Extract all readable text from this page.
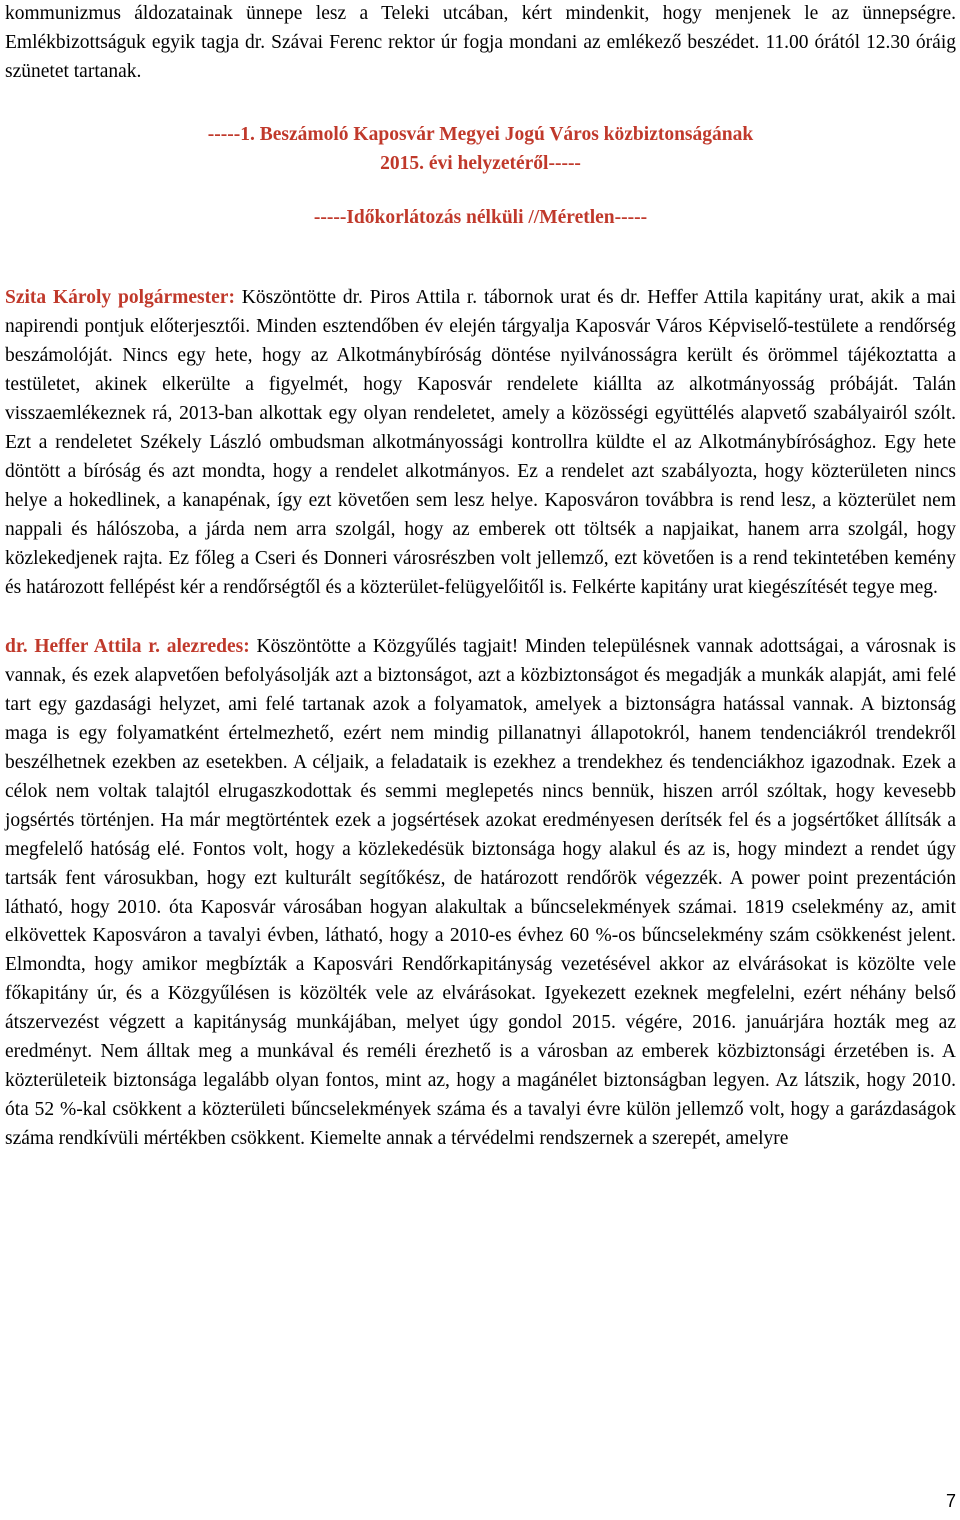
kommunizmus áldozatainak ünnepe lesz a Teleki utcában, kért mindenkit, hogy menjenek le az ünnepségre. Emlékbizottságuk egyik tagja dr. Szávai Ferenc rektor úr fogja mondani az emlékező beszédet. 11.00 órától 12.30 óráig szünetet tartanak.

-----1. Beszámoló Kaposvár Megyei Jogú Város közbiztonságának
2015. évi helyzetéről-----
-----Időkorlátozás nélküli //Méretlen-----

Szita Károly polgármester: Köszöntötte dr. Piros Attila r. tábornok urat és dr. Heffer Attila kapitány urat, akik a mai napirendi pontjuk előterjesztői. Minden esztendőben év elején tárgyalja Kaposvár Város Képviselő-testülete a rendőrség beszámolóját. Nincs egy hete, hogy az Alkotmánybíróság döntése nyilvánosságra került és örömmel tájékoztatta a testületet, akinek elkerülte a figyelmét, hogy Kaposvár rendelete kiállta az alkotmányosság próbáját. Talán visszaemlékeznek rá, 2013-ban alkottak egy olyan rendeletet, amely a közösségi együttélés alapvető szabályairól szólt. Ezt a rendeletet Székely László ombudsman alkotmányossági kontrollra küldte el az Alkotmánybírósághoz. Egy hete döntött a bíróság és azt mondta, hogy a rendelet alkotmányos. Ez a rendelet azt szabályozta, hogy közterületen nincs helye a hokedlinek, a kanapénak, így ezt követően sem lesz helye. Kaposváron továbbra is rend lesz, a közterület nem nappali és hálószoba, a járda nem arra szolgál, hogy az emberek ott töltsék a napjaikat, hanem arra szolgál, hogy közlekedjenek rajta. Ez főleg a Cseri és Donneri városrészben volt jellemző, ezt követően is a rend tekintetében kemény és határozott fellépést kér a rendőrségtől és a közterület-felügyelőitől is. Felkérte kapitány urat kiegészítését tegye meg.

dr. Heffer Attila r. alezredes: Köszöntötte a Közgyűlés tagjait! Minden településnek vannak adottságai, a városnak is vannak, és ezek alapvetően befolyásolják azt a biztonságot, azt a közbiztonságot és megadják a munkák alapját, ami felé tart egy gazdasági helyzet, ami felé tartanak azok a folyamatok, amelyek a biztonságra hatással vannak. A biztonság maga is egy folyamatként értelmezhető, ezért nem mindig pillanatnyi állapotokról, hanem tendenciákról trendekről beszélhetnek ezekben az esetekben. A céljaik, a feladataik is ezekhez a trendekhez és tendenciákhoz igazodnak. Ezek a célok nem voltak talajtól elrugaszkodottak és semmi meglepetés nincs bennük, hiszen arról szóltak, hogy kevesebb jogsértés történjen. Ha már megtörténtek ezek a jogsértések azokat eredményesen derítsék fel és a jogsértőket állítsák a megfelelő hatóság elé. Fontos volt, hogy a közlekedésük biztonsága hogy alakul és az is, hogy mindezt a rendet úgy tartsák fent városukban, hogy ezt kulturált segítőkész, de határozott rendőrök végezzék. A power point prezentáción látható, hogy 2010. óta Kaposvár városában hogyan alakultak a bűncselekmények számai. 1819 cselekmény az, amit elkövettek Kaposváron a tavalyi évben, látható, hogy a 2010-es évhez 60 %-os bűncselekmény szám csökkenést jelent. Elmondta, hogy amikor megbízták a Kaposvári Rendőrkapitányság vezetésével akkor az elvárásokat is közölte vele főkapitány úr, és a Közgyűlésen is közölték vele az elvárásokat. Igyekezett ezeknek megfelelni, ezért néhány belső átszervezést végzett a kapitányság munkájában, melyet úgy gondol 2015. végére, 2016. januárjára hozták meg az eredményt. Nem álltak meg a munkával és reméli érezhető is a városban az emberek közbiztonsági érzetében is. A közterületeik biztonsága legalább olyan fontos, mint az, hogy a magánélet biztonságban legyen. Az látszik, hogy 2010. óta 52 %-kal csökkent a közterületi bűncselekmények száma és a tavalyi évre külön jellemző volt, hogy a garázdaságok száma rendkívüli mértékben csökkent. Kiemelte annak a térvédelmi rendszernek a szerepét, amelyre

7
